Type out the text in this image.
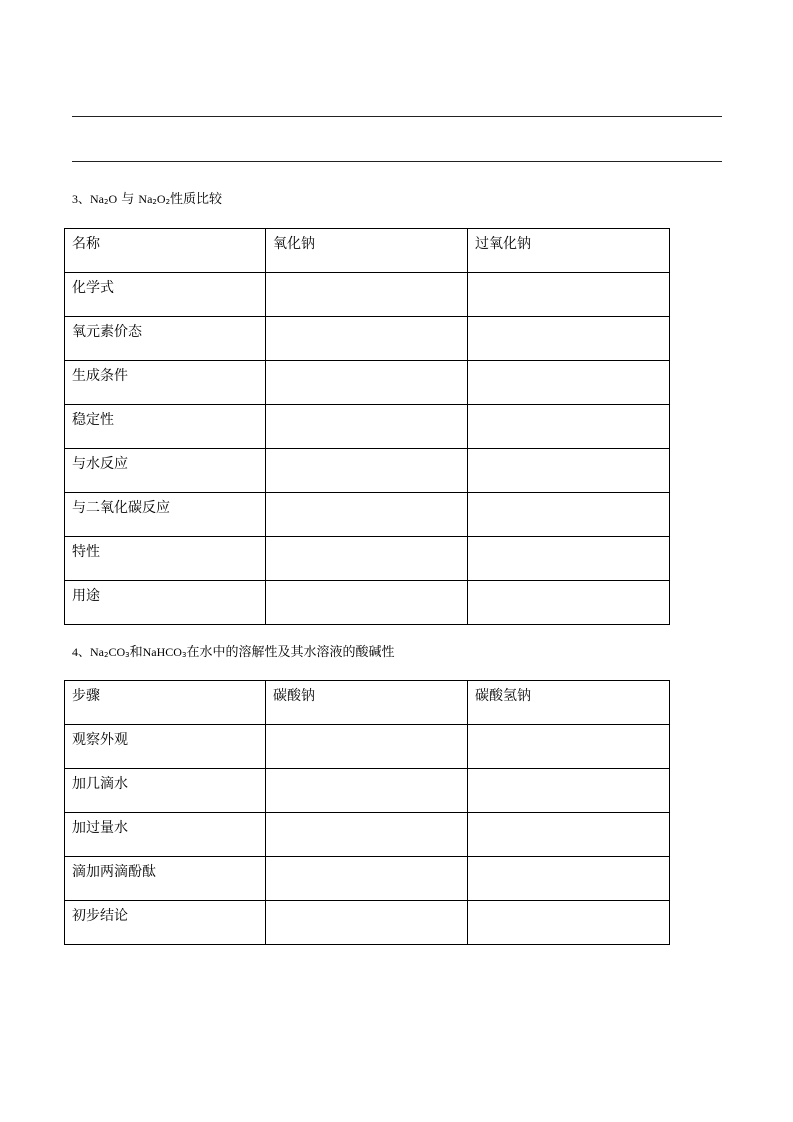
3、$Na_2O$ 与 $Na_2O_2$性质比较
名称	氧化钠	过氧化钠
化学式		
氧元素价态		
生成条件		
稳定性		
与水反应		
与二氧化碳反应		
特性		
用途		
4、$Na_2CO_3$和NaHCO$_3$在水中的溶解性及其水溶液的酸碱性
步骤	碳酸钠	碳酸氢钠
观察外观		
加几滴水		
加过量水		
滴加两滴酚酞		
初步结论		
